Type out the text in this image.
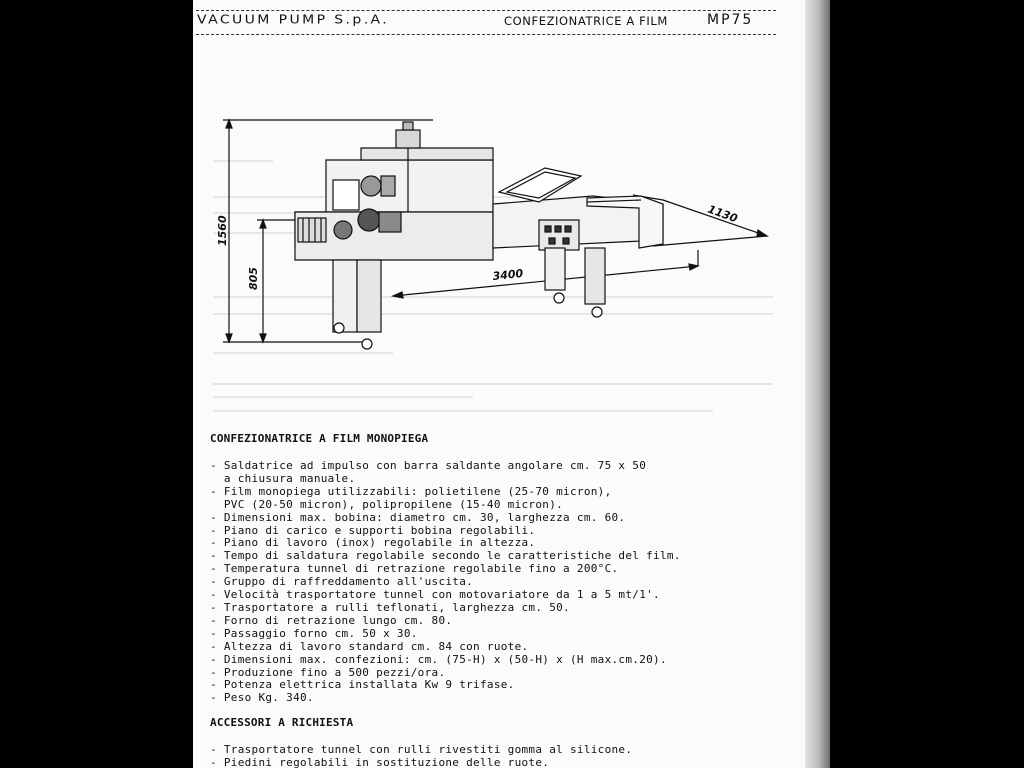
VACUUM PUMP S.p.A.	CONFEZIONATRICE A FILM	MP75
1560
805	3400
1130
CONFEZIONATRICE A FILM MONOPIEGA
- Saldatrice ad impulso con barra saldante angolare cm. 75 x 50
a chiusura manuale.
- Film monopiega utilizzabili: polietilene (25-70 micron),
PVC (20-50 micron), polipropilene (15-40 micron).
- Dimensioni max. bobina: diametro cm. 30, larghezza cm. 60.
- Piano di carico e supporti bobina regolabili.
- Piano di lavoro (inox) regolabile in altezza.
- Tempo di saldatura regolabile secondo le caratteristiche del film.
- Temperatura tunnel di retrazione regolabile fino a 200°C.
- Gruppo di raffreddamento all'uscita.
- Velocità trasportatore tunnel con motovariatore da 1 a 5 mt/1'.
- Trasportatore a rulli teflonati, larghezza cm. 50.
- Forno di retrazione lungo cm. 80.
- Passaggio forno cm. 50 x 30.
- Altezza di lavoro standard cm. 84 con ruote.
- Dimensioni max. confezioni: cm. (75-H) x (50-H) x (H max.cm.20).
- Produzione fino a 500 pezzi/ora.
- Potenza elettrica installata Kw 9 trifase.
- Peso Kg. 340.
ACCESSORI A RICHIESTA
- Trasportatore tunnel con rulli rivestiti gomma al silicone.
- Piedini regolabili in sostituzione delle ruote.
